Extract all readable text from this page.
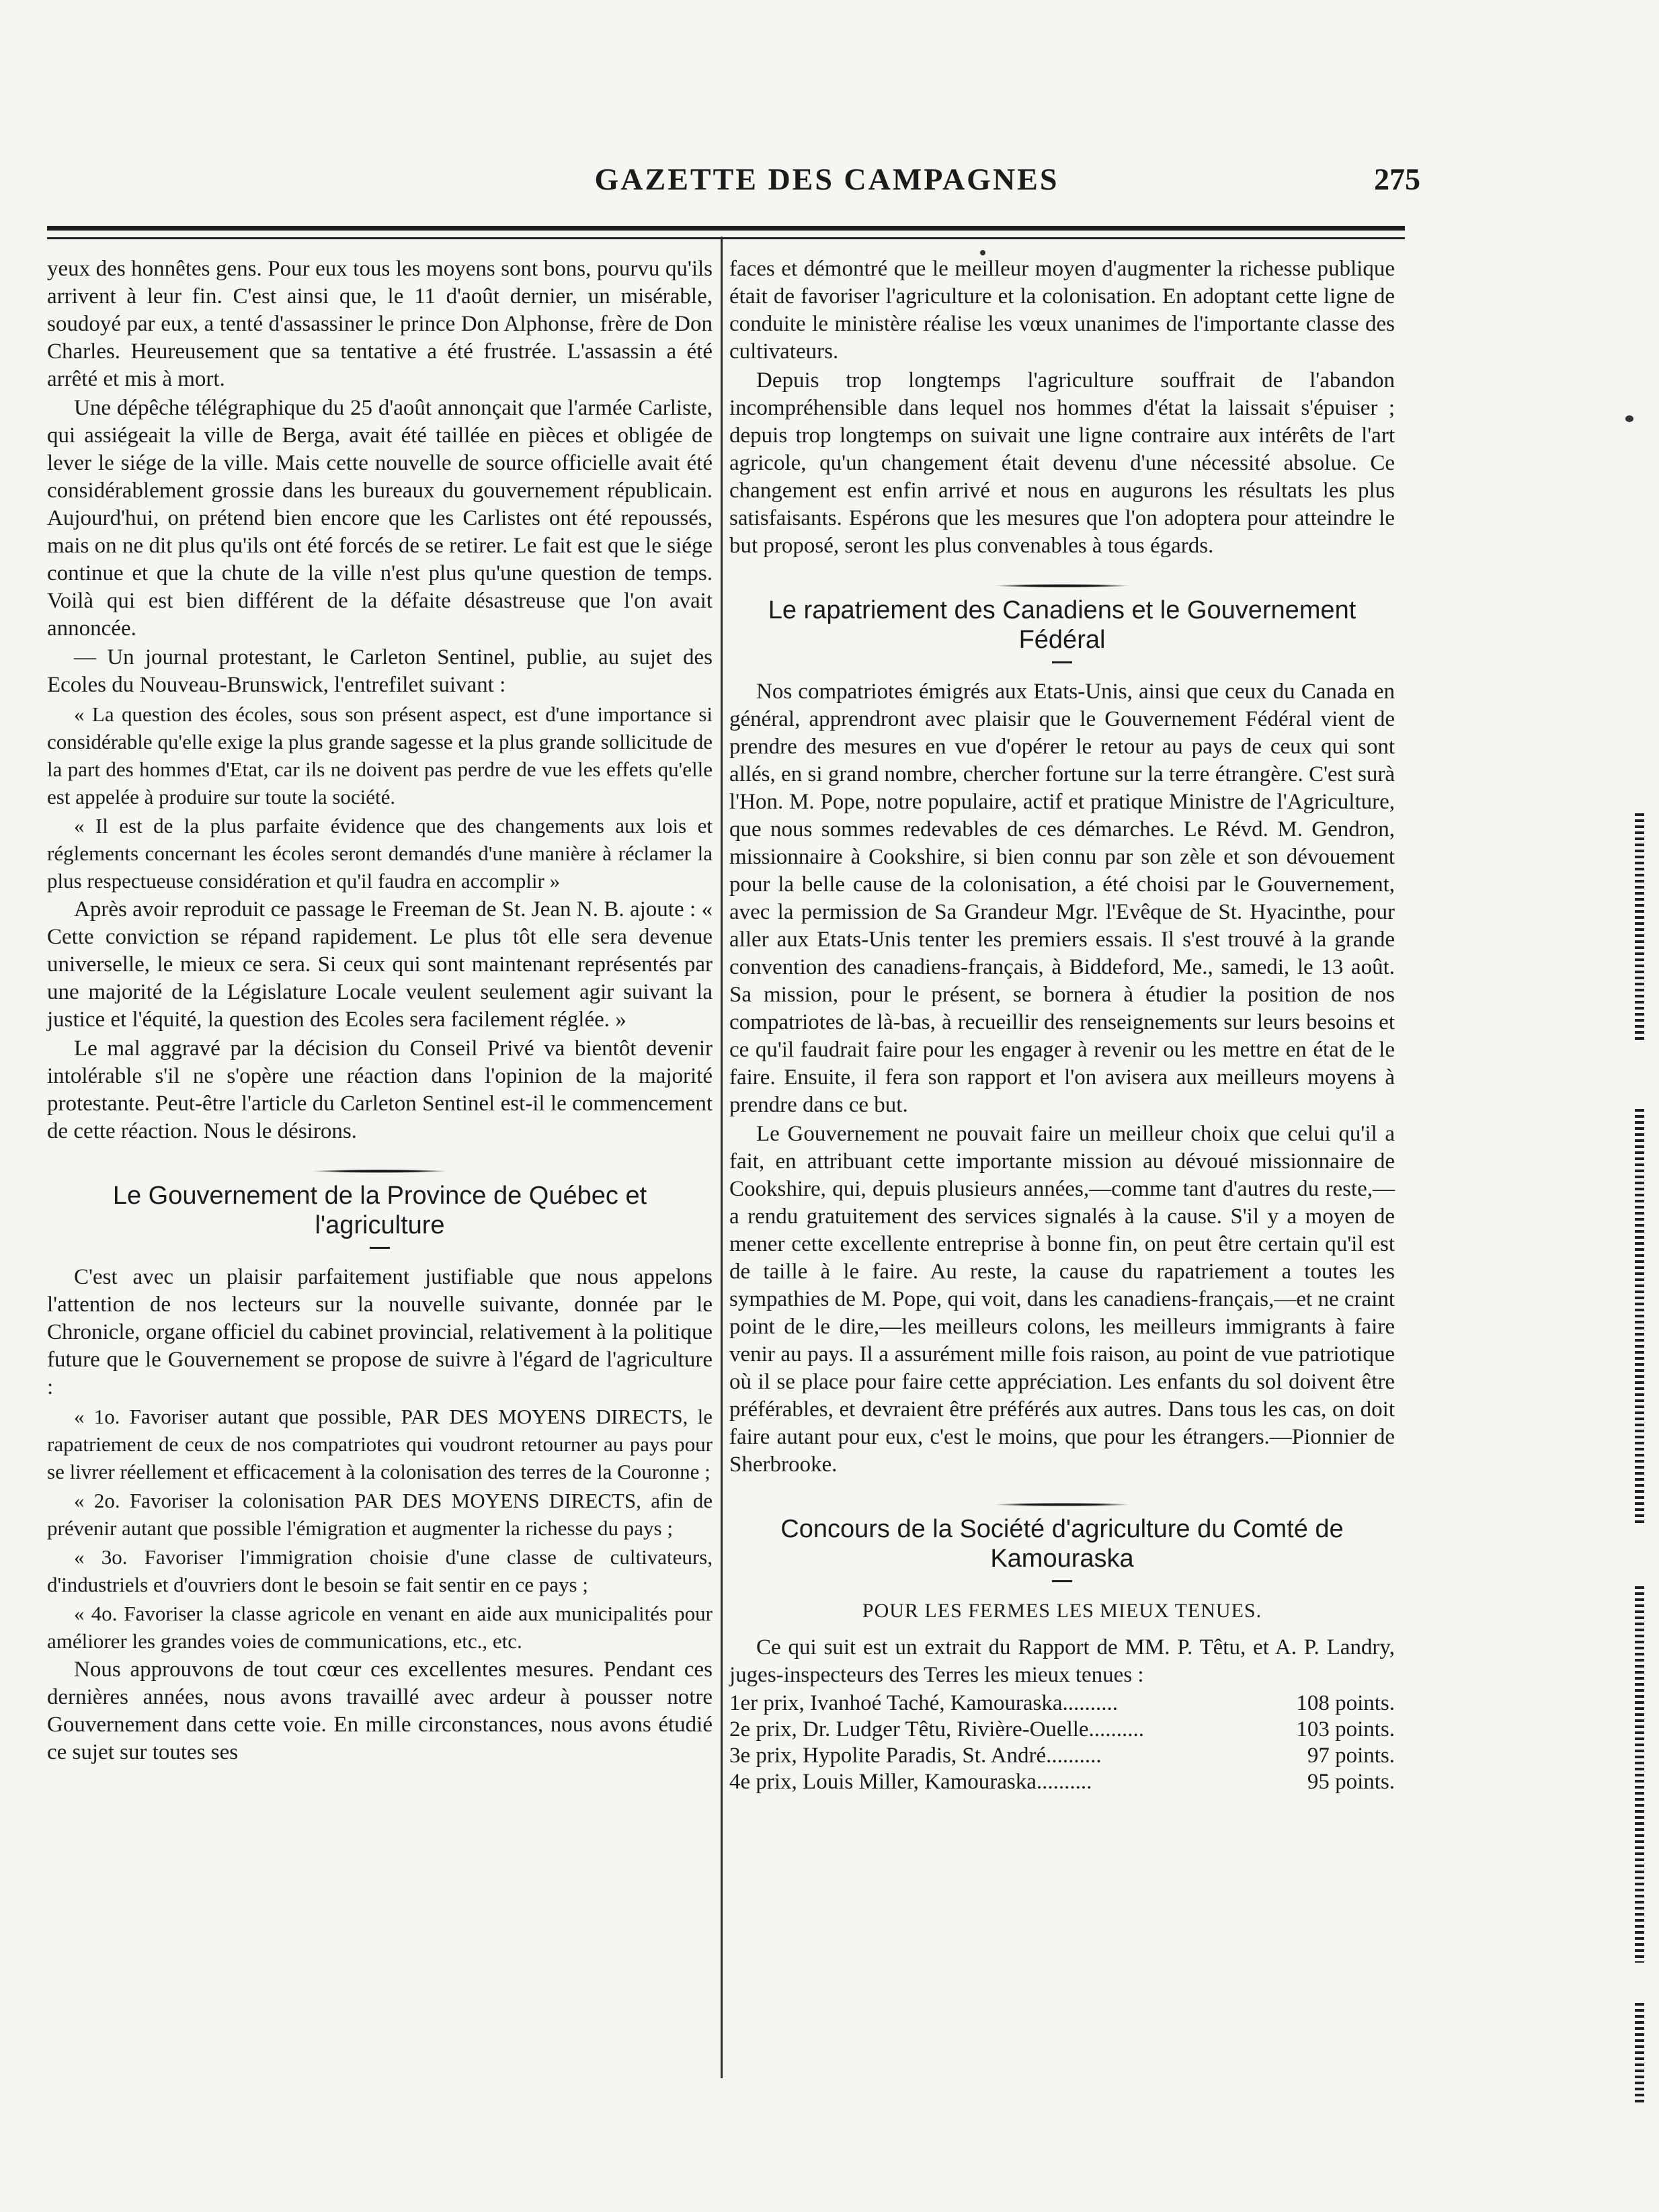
GAZETTE DES CAMPAGNES	275

yeux des honnêtes gens. Pour eux tous les moyens sont bons, pourvu qu'ils arrivent à leur fin. C'est ainsi que, le 11 d'août dernier, un misérable, soudoyé par eux, a tenté d'assassiner le prince Don Alphonse, frère de Don Charles. Heureusement que sa tentative a été frustrée. L'assassin a été arrêté et mis à mort.

Une dépêche télégraphique du 25 d'août annonçait que l'armée Carliste, qui assiégeait la ville de Berga, avait été taillée en pièces et obligée de lever le siége de la ville. Mais cette nouvelle de source officielle avait été considérablement grossie dans les bureaux du gouvernement républicain. Aujourd'hui, on prétend bien encore que les Carlistes ont été repoussés, mais on ne dit plus qu'ils ont été forcés de se retirer. Le fait est que le siége continue et que la chute de la ville n'est plus qu'une question de temps. Voilà qui est bien différent de la défaite désastreuse que l'on avait annoncée.

— Un journal protestant, le Carleton Sentinel, publie, au sujet des Ecoles du Nouveau-Brunswick, l'entrefilet suivant :

« La question des écoles, sous son présent aspect, est d'une importance si considérable qu'elle exige la plus grande sagesse et la plus grande sollicitude de la part des hommes d'Etat, car ils ne doivent pas perdre de vue les effets qu'elle est appelée à produire sur toute la société.

« Il est de la plus parfaite évidence que des changements aux lois et réglements concernant les écoles seront demandés d'une manière à réclamer la plus respectueuse considération et qu'il faudra en accomplir »

Après avoir reproduit ce passage le Freeman de St. Jean N. B. ajoute : « Cette conviction se répand rapidement. Le plus tôt elle sera devenue universelle, le mieux ce sera. Si ceux qui sont maintenant représentés par une majorité de la Législature Locale veulent seulement agir suivant la justice et l'équité, la question des Ecoles sera facilement réglée. »

Le mal aggravé par la décision du Conseil Privé va bientôt devenir intolérable s'il ne s'opère une réaction dans l'opinion de la majorité protestante. Peut-être l'article du Carleton Sentinel est-il le commencement de cette réaction. Nous le désirons.

Le Gouvernement de la Province de Québec et l'agriculture

C'est avec un plaisir parfaitement justifiable que nous appelons l'attention de nos lecteurs sur la nouvelle suivante, donnée par le Chronicle, organe officiel du cabinet provincial, relativement à la politique future que le Gouvernement se propose de suivre à l'égard de l'agriculture :

« 1o. Favoriser autant que possible, PAR DES MOYENS DIRECTS, le rapatriement de ceux de nos compatriotes qui voudront retourner au pays pour se livrer réellement et efficacement à la colonisation des terres de la Couronne ;

« 2o. Favoriser la colonisation PAR DES MOYENS DIRECTS, afin de prévenir autant que possible l'émigration et augmenter la richesse du pays ;

« 3o. Favoriser l'immigration choisie d'une classe de cultivateurs, d'industriels et d'ouvriers dont le besoin se fait sentir en ce pays ;

« 4o. Favoriser la classe agricole en venant en aide aux municipalités pour améliorer les grandes voies de communications, etc., etc.

Nous approuvons de tout cœur ces excellentes mesures. Pendant ces dernières années, nous avons travaillé avec ardeur à pousser notre Gouvernement dans cette voie. En mille circonstances, nous avons étudié ce sujet sur toutes ses

faces et démontré que le meilleur moyen d'augmenter la richesse publique était de favoriser l'agriculture et la colonisation. En adoptant cette ligne de conduite le ministère réalise les vœux unanimes de l'importante classe des cultivateurs.

Depuis trop longtemps l'agriculture souffrait de l'abandon incompréhensible dans lequel nos hommes d'état la laissait s'épuiser ; depuis trop longtemps on suivait une ligne contraire aux intérêts de l'art agricole, qu'un changement était devenu d'une nécessité absolue. Ce changement est enfin arrivé et nous en augurons les résultats les plus satisfaisants. Espérons que les mesures que l'on adoptera pour atteindre le but proposé, seront les plus convenables à tous égards.

Le rapatriement des Canadiens et le Gouvernement Fédéral

Nos compatriotes émigrés aux Etats-Unis, ainsi que ceux du Canada en général, apprendront avec plaisir que le Gouvernement Fédéral vient de prendre des mesures en vue d'opérer le retour au pays de ceux qui sont allés, en si grand nombre, chercher fortune sur la terre étrangère. C'est surà l'Hon. M. Pope, notre populaire, actif et pratique Ministre de l'Agriculture, que nous sommes redevables de ces démarches. Le Révd. M. Gendron, missionnaire à Cookshire, si bien connu par son zèle et son dévouement pour la belle cause de la colonisation, a été choisi par le Gouvernement, avec la permission de Sa Grandeur Mgr. l'Evêque de St. Hyacinthe, pour aller aux Etats-Unis tenter les premiers essais. Il s'est trouvé à la grande convention des canadiens-français, à Biddeford, Me., samedi, le 13 août. Sa mission, pour le présent, se bornera à étudier la position de nos compatriotes de là-bas, à recueillir des renseignements sur leurs besoins et ce qu'il faudrait faire pour les engager à revenir ou les mettre en état de le faire. Ensuite, il fera son rapport et l'on avisera aux meilleurs moyens à prendre dans ce but.

Le Gouvernement ne pouvait faire un meilleur choix que celui qu'il a fait, en attribuant cette importante mission au dévoué missionnaire de Cookshire, qui, depuis plusieurs années,—comme tant d'autres du reste,—a rendu gratuitement des services signalés à la cause. S'il y a moyen de mener cette excellente entreprise à bonne fin, on peut être certain qu'il est de taille à le faire. Au reste, la cause du rapatriement a toutes les sympathies de M. Pope, qui voit, dans les canadiens-français,—et ne craint point de le dire,—les meilleurs colons, les meilleurs immigrants à faire venir au pays. Il a assurément mille fois raison, au point de vue patriotique où il se place pour faire cette appréciation. Les enfants du sol doivent être préférables, et devraient être préférés aux autres. Dans tous les cas, on doit faire autant pour eux, c'est le moins, que pour les étrangers.—Pionnier de Sherbrooke.

Concours de la Société d'agriculture du Comté de Kamouraska
POUR LES FERMES LES MIEUX TENUES.

Ce qui suit est un extrait du Rapport de MM. P. Têtu, et A. P. Landry, juges-inspecteurs des Terres les mieux tenues :

1er prix, Ivanhoé Taché, Kamouraska..........	108 points.
2e prix, Dr. Ludger Têtu, Rivière-Ouelle..........	103 points.
3e prix, Hypolite Paradis, St. André..........	97 points.
4e prix, Louis Miller, Kamouraska..........	95 points.
